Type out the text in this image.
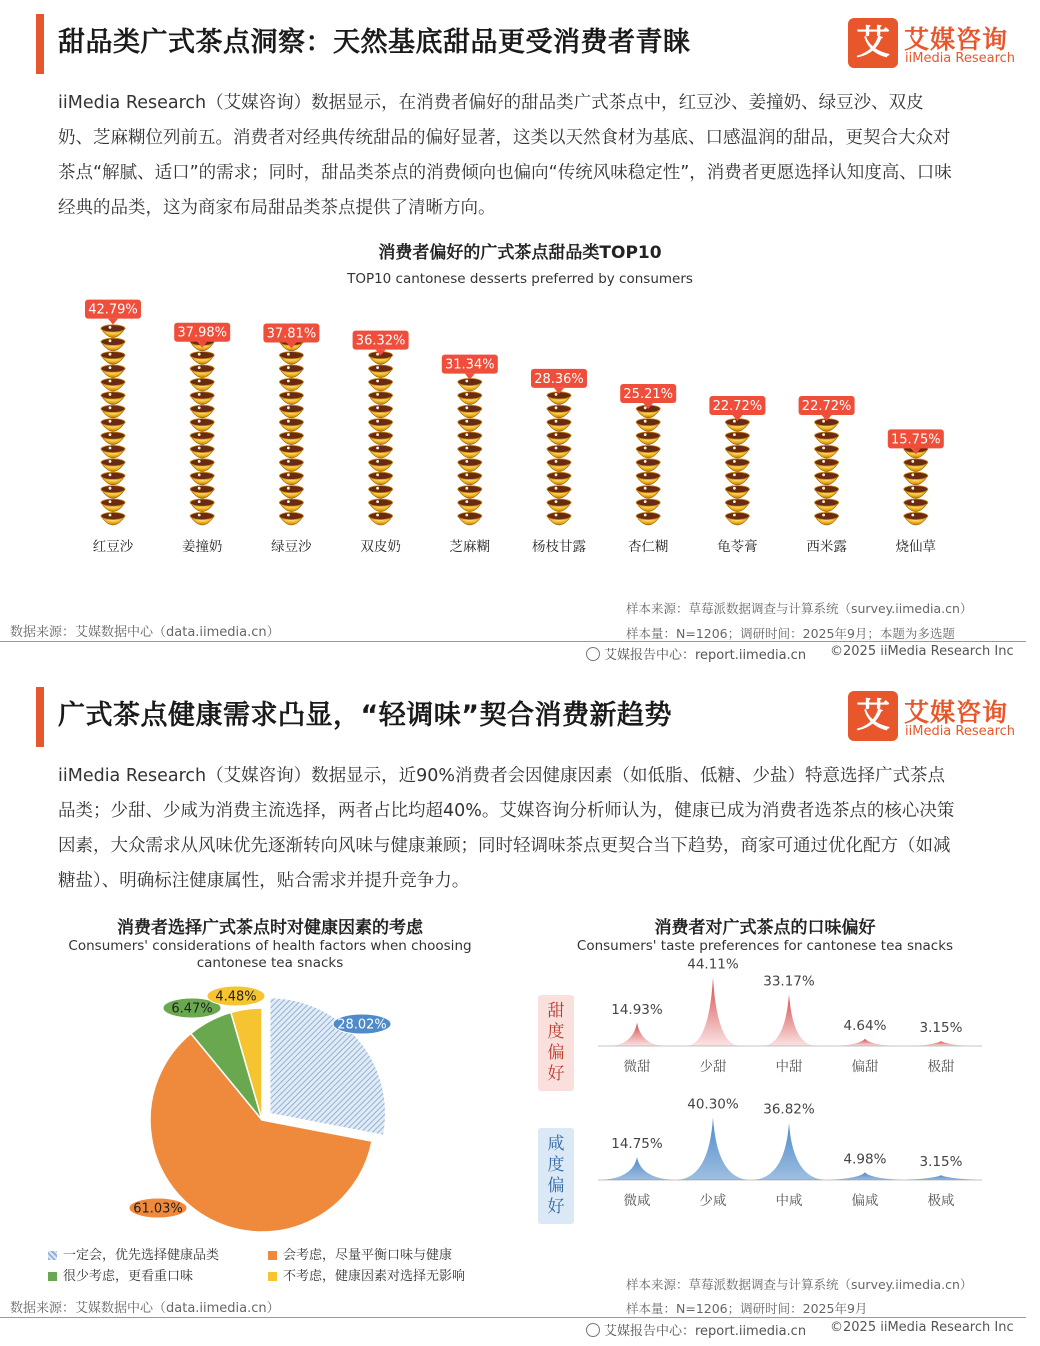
甜品类广式茶点洞察：天然基底甜品更受消费者青睐	艾 艾媒咨询
iiMedia Research
iiMedia Research（艾媒咨询）数据显示，在消费者偏好的甜品类广式茶点中，红豆沙、姜撞奶、绿豆沙、双皮奶、芝麻糊位列前五。消费者对经典传统甜品的偏好显著，这类以天然食材为基底、口感温润的甜品，更契合大众对茶点“解腻、适口”的需求；同时，甜品类茶点的消费倾向也偏向“传统风味稳定性”，消费者更愿选择认知度高、口味经典的品类，这为商家布局甜品类茶点提供了清晰方向。
消费者偏好的广式茶点甜品类TOP10
TOP10 cantonese desserts preferred by consumers
42.79%
红豆沙
37.98%
姜撞奶
37.81%
绿豆沙
36.32%
双皮奶
31.34%
芝麻糊
28.36%
杨枝甘露
25.21%
杏仁糊
22.72%
龟苓膏
22.72%
西米露
15.75%
烧仙草
数据来源：艾媒数据中心（data.iimedia.cn）
样本来源：草莓派数据调查与计算系统（survey.iimedia.cn）
样本量：N=1206；调研时间：2025年9月；本题为多选题
艾媒报告中心：report.iimedia.cn ©2025 iiMedia Research Inc
广式茶点健康需求凸显，“轻调味”契合消费新趋势	艾 艾媒咨询
iiMedia Research
iiMedia Research（艾媒咨询）数据显示，近90%消费者会因健康因素（如低脂、低糖、少盐）特意选择广式茶点品类；少甜、少咸为消费主流选择，两者占比均超40%。艾媒咨询分析师认为，健康已成为消费者选茶点的核心决策因素，大众需求从风味优先逐渐转向风味与健康兼顾；同时轻调味茶点更契合当下趋势，商家可通过优化配方（如减糖盐）、明确标注健康属性，贴合需求并提升竞争力。
消费者选择广式茶点时对健康因素的考虑
Consumers' considerations of health factors when choosing cantonese tea snacks
28.02%
61.03%
6.47%
4.48%
一定会，优先选择健康品类	会考虑，尽量平衡口味与健康
很少考虑，更看重口味	不考虑，健康因素对选择无影响
消费者对广式茶点的口味偏好
Consumers' taste preferences for cantonese tea snacks
甜
度
偏
好
咸
度
偏
好
14.93%
微甜
44.11%
少甜
33.17%
中甜
4.64%
偏甜
3.15%
极甜
14.75%
微咸
40.30%
少咸
36.82%
中咸
4.98%
偏咸
3.15%
极咸
数据来源：艾媒数据中心（data.iimedia.cn）
样本来源：草莓派数据调查与计算系统（survey.iimedia.cn）
样本量：N=1206；调研时间：2025年9月
艾媒报告中心：report.iimedia.cn ©2025 iiMedia Research Inc
